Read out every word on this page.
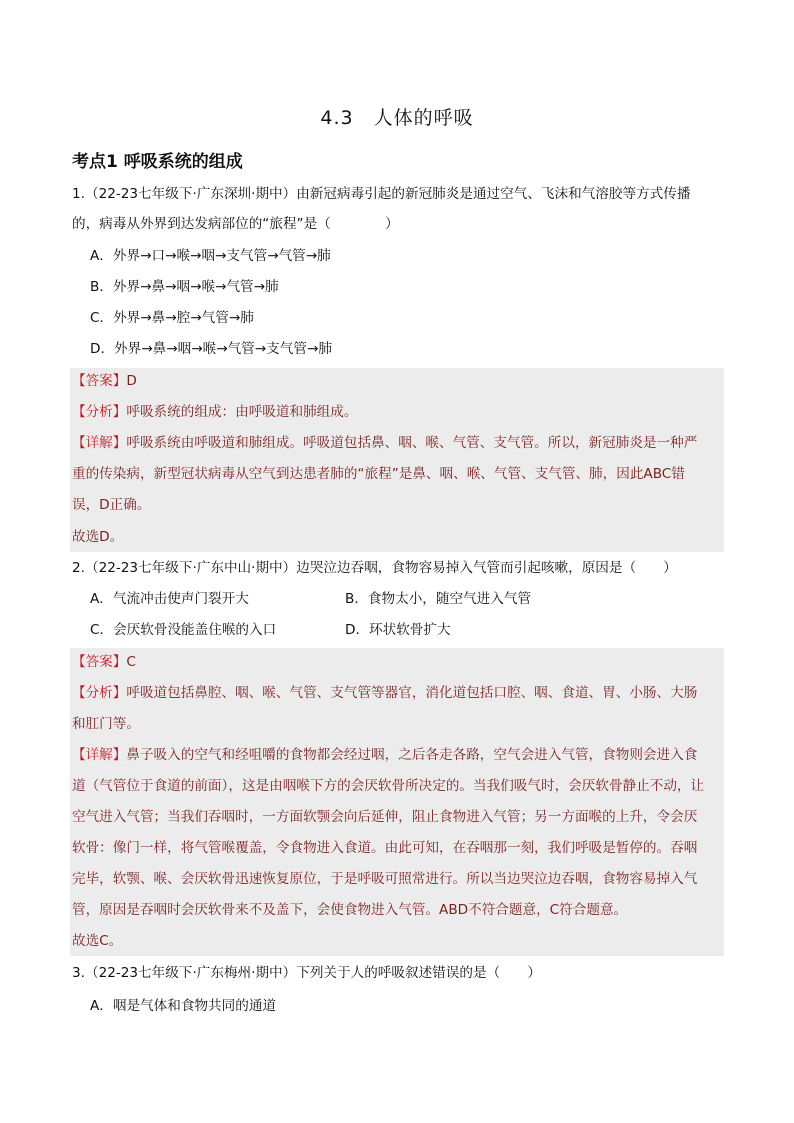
4.3　人体的呼吸
考点1 呼吸系统的组成
1.（22-23七年级下·广东深圳·期中）由新冠病毒引起的新冠肺炎是通过空气、飞沫和气溶胶等方式传播
的，病毒从外界到达发病部位的“旅程”是（　　　　）
A．外界→口→喉→咽→支气管→气管→肺
B．外界→鼻→咽→喉→气管→肺
C．外界→鼻→腔→气管→肺
D．外界→鼻→咽→喉→气管→支气管→肺
【答案】D
【分析】呼吸系统的组成：由呼吸道和肺组成。
【详解】呼吸系统由呼吸道和肺组成。呼吸道包括鼻、咽、喉、气管、支气管。所以，新冠肺炎是一种严
重的传染病，新型冠状病毒从空气到达患者肺的“旅程”是鼻、咽、喉、气管、支气管、肺，因此ABC错
误，D正确。
故选D。
2.（22-23七年级下·广东中山·期中）边哭泣边吞咽，食物容易掉入气管而引起咳嗽，原因是（　　）
A．气流冲击使声门裂开大	B．食物太小，随空气进入气管
C．会厌软骨没能盖住喉的入口	D．环状软骨扩大
【答案】C
【分析】呼吸道包括鼻腔、咽、喉、气管、支气管等器官，消化道包括口腔、咽、食道、胃、小肠、大肠
和肛门等。
【详解】鼻子吸入的空气和经咀嚼的食物都会经过咽，之后各走各路，空气会进入气管，食物则会进入食
道（气管位于食道的前面），这是由咽喉下方的会厌软骨所决定的。当我们吸气时，会厌软骨静止不动，让
空气进入气管；当我们吞咽时，一方面软颚会向后延伸，阻止食物进入气管；另一方面喉的上升，令会厌
软骨：像门一样，将气管喉覆盖，令食物进入食道。由此可知，在吞咽那一刻，我们呼吸是暂停的。吞咽
完毕，软颚、喉、会厌软骨迅速恢复原位，于是呼吸可照常进行。所以当边哭泣边吞咽，食物容易掉入气
管，原因是吞咽时会厌软骨来不及盖下，会使食物进入气管。ABD不符合题意，C符合题意。
故选C。
3.（22-23七年级下·广东梅州·期中）下列关于人的呼吸叙述错误的是（　　）
A．咽是气体和食物共同的通道
